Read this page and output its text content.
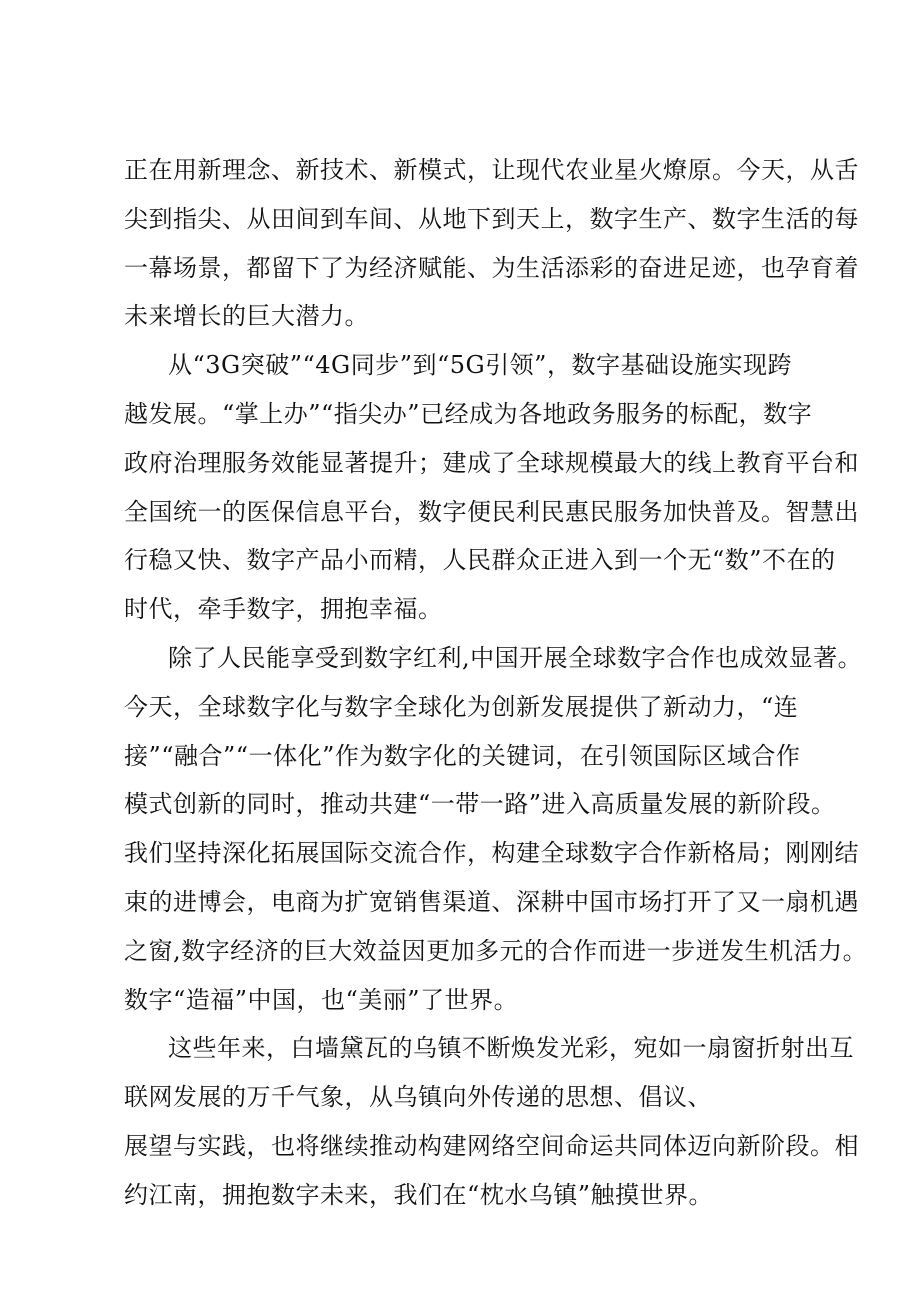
正在用新理念、新技术、新模式，让现代农业星火燎原。今天，从舌
尖到指尖、从田间到车间、从地下到天上，数字生产、数字生活的每
一幕场景，都留下了为经济赋能、为生活添彩的奋进足迹，也孕育着
未来增长的巨大潜力。
从“3G突破”“4G同步”到“5G引领”，数字基础设施实现跨
越发展。“掌上办”“指尖办”已经成为各地政务服务的标配，数字
政府治理服务效能显著提升；建成了全球规模最大的线上教育平台和
全国统一的医保信息平台，数字便民利民惠民服务加快普及。智慧出
行稳又快、数字产品小而精，人民群众正进入到一个无“数”不在的
时代，牵手数字，拥抱幸福。
除了人民能享受到数字红利,中国开展全球数字合作也成效显著。
今天，全球数字化与数字全球化为创新发展提供了新动力，“连
接”“融合”“一体化”作为数字化的关键词，在引领国际区域合作
模式创新的同时，推动共建“一带一路”进入高质量发展的新阶段。
我们坚持深化拓展国际交流合作，构建全球数字合作新格局；刚刚结
束的进博会，电商为扩宽销售渠道、深耕中国市场打开了又一扇机遇
之窗,数字经济的巨大效益因更加多元的合作而进一步迸发生机活力。
数字“造福”中国，也“美丽”了世界。
这些年来，白墙黛瓦的乌镇不断焕发光彩，宛如一扇窗折射出互
联网发展的万千气象，从乌镇向外传递的思想、倡议、
展望与实践，也将继续推动构建网络空间命运共同体迈向新阶段。相
约江南，拥抱数字未来，我们在“枕水乌镇”触摸世界。
